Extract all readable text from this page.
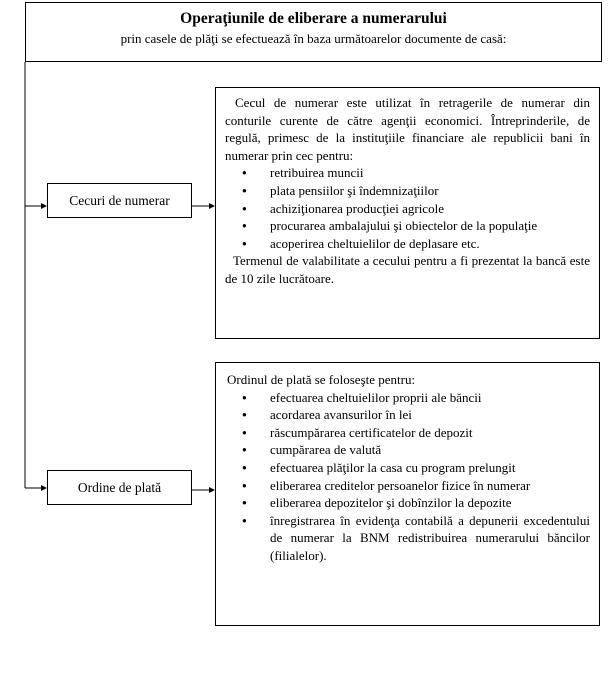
Operaţiunile de eliberare a numerarului
prin casele de plăţi se efectuează în baza următoarelor documente de casă:
Cecuri de numerar

Cecul de numerar este utilizat în retragerile de numerar din conturile curente de către agenţii economici. Întreprinderile, de regulă, primesc de la instituţiile financiare ale republicii bani în numerar prin cec pentru:

● retribuirea muncii
● plata pensiilor şi îndemnizaţiilor
● achiziţionarea producţiei agricole
● procurarea ambalajului şi obiectelor de la populaţie
● acoperirea cheltuielilor de deplasare etc.

Termenul de valabilitate a cecului pentru a fi prezentat la bancă este de 10 zile lucrătoare.

Ordine de plată

Ordinul de plată se foloseşte pentru:

● efectuarea cheltuielilor proprii ale băncii
● acordarea avansurilor în lei
● răscumpărarea certificatelor de depozit
● cumpărarea de valută
● efectuarea plăţilor la casa cu program prelungit
● eliberarea creditelor persoanelor fizice în numerar
● eliberarea depozitelor şi dobînzilor la depozite
● înregistrarea în evidenţa contabilă a depunerii excedentului de numerar la BNM redistribuirea numerarului băncilor (filialelor).
